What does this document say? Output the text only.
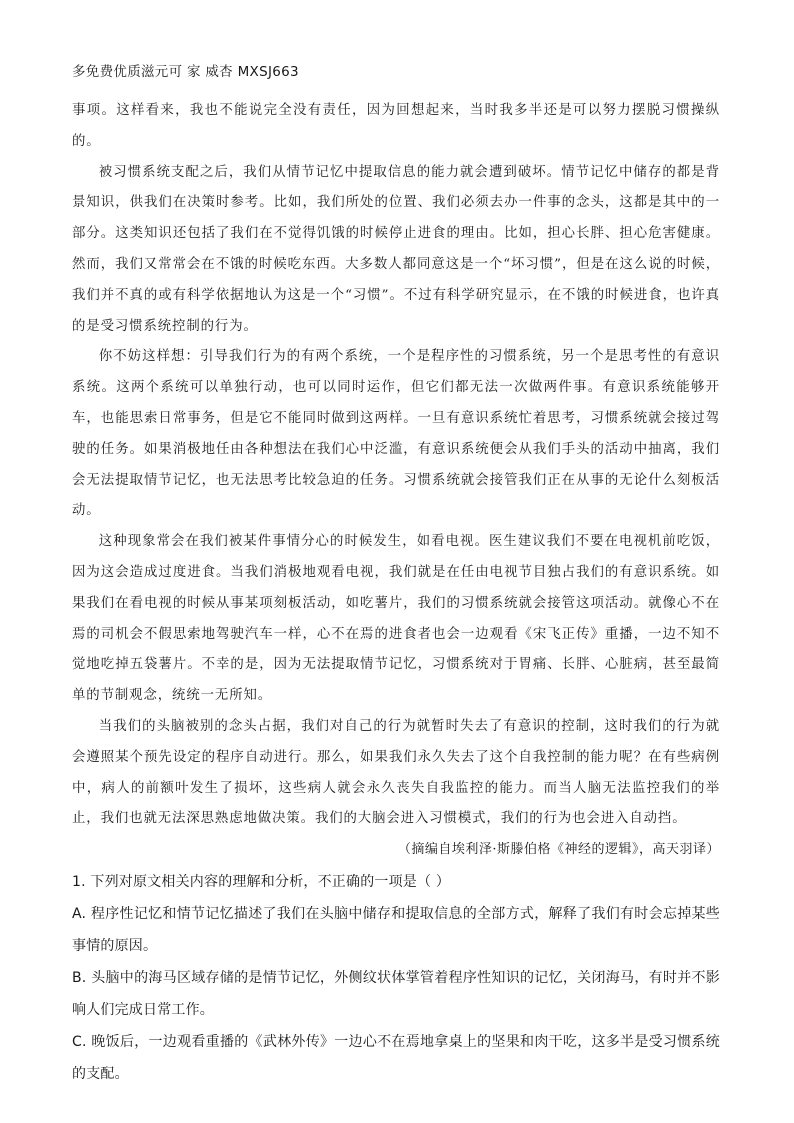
多免费优质滋元可 家 威杏 MXSJ663

事项。这样看来，我也不能说完全没有责任，因为回想起来，当时我多半还是可以努力摆脱习惯操纵的。

被习惯系统支配之后，我们从情节记忆中提取信息的能力就会遭到破坏。情节记忆中储存的都是背景知识，供我们在决策时参考。比如，我们所处的位置、我们必须去办一件事的念头，这都是其中的一部分。这类知识还包括了我们在不觉得饥饿的时候停止进食的理由。比如，担心长胖、担心危害健康。然而，我们又常常会在不饿的时候吃东西。大多数人都同意这是一个“坏习惯”，但是在这么说的时候，我们并不真的或有科学依据地认为这是一个“习惯”。不过有科学研究显示，在不饿的时候进食，也许真的是受习惯系统控制的行为。

你不妨这样想：引导我们行为的有两个系统，一个是程序性的习惯系统，另一个是思考性的有意识系统。这两个系统可以单独行动，也可以同时运作，但它们都无法一次做两件事。有意识系统能够开车，也能思索日常事务，但是它不能同时做到这两样。一旦有意识系统忙着思考，习惯系统就会接过驾驶的任务。如果消极地任由各种想法在我们心中泛滥，有意识系统便会从我们手头的活动中抽离，我们会无法提取情节记忆，也无法思考比较急迫的任务。习惯系统就会接管我们正在从事的无论什么刻板活动。

这种现象常会在我们被某件事情分心的时候发生，如看电视。医生建议我们不要在电视机前吃饭，因为这会造成过度进食。当我们消极地观看电视，我们就是在任由电视节目独占我们的有意识系统。如果我们在看电视的时候从事某项刻板活动，如吃薯片，我们的习惯系统就会接管这项活动。就像心不在焉的司机会不假思索地驾驶汽车一样，心不在焉的进食者也会一边观看《宋飞正传》重播，一边不知不觉地吃掉五袋薯片。不幸的是，因为无法提取情节记忆，习惯系统对于胃痛、长胖、心脏病，甚至最简单的节制观念，统统一无所知。

当我们的头脑被别的念头占据，我们对自己的行为就暂时失去了有意识的控制，这时我们的行为就会遵照某个预先设定的程序自动进行。那么，如果我们永久失去了这个自我控制的能力呢？在有些病例中，病人的前额叶发生了损坏，这些病人就会永久丧失自我监控的能力。而当人脑无法监控我们的举止，我们也就无法深思熟虑地做决策。我们的大脑会进入习惯模式，我们的行为也会进入自动挡。

（摘编自埃利泽·斯滕伯格《神经的逻辑》，高天羽译）

1. 下列对原文相关内容的理解和分析，不正确的一项是（ ）

A. 程序性记忆和情节记忆描述了我们在头脑中储存和提取信息的全部方式，解释了我们有时会忘掉某些事情的原因。

B. 头脑中的海马区域存储的是情节记忆，外侧纹状体掌管着程序性知识的记忆，关闭海马，有时并不影响人们完成日常工作。

C. 晚饭后，一边观看重播的《武林外传》一边心不在焉地拿桌上的坚果和肉干吃，这多半是受习惯系统的支配。
